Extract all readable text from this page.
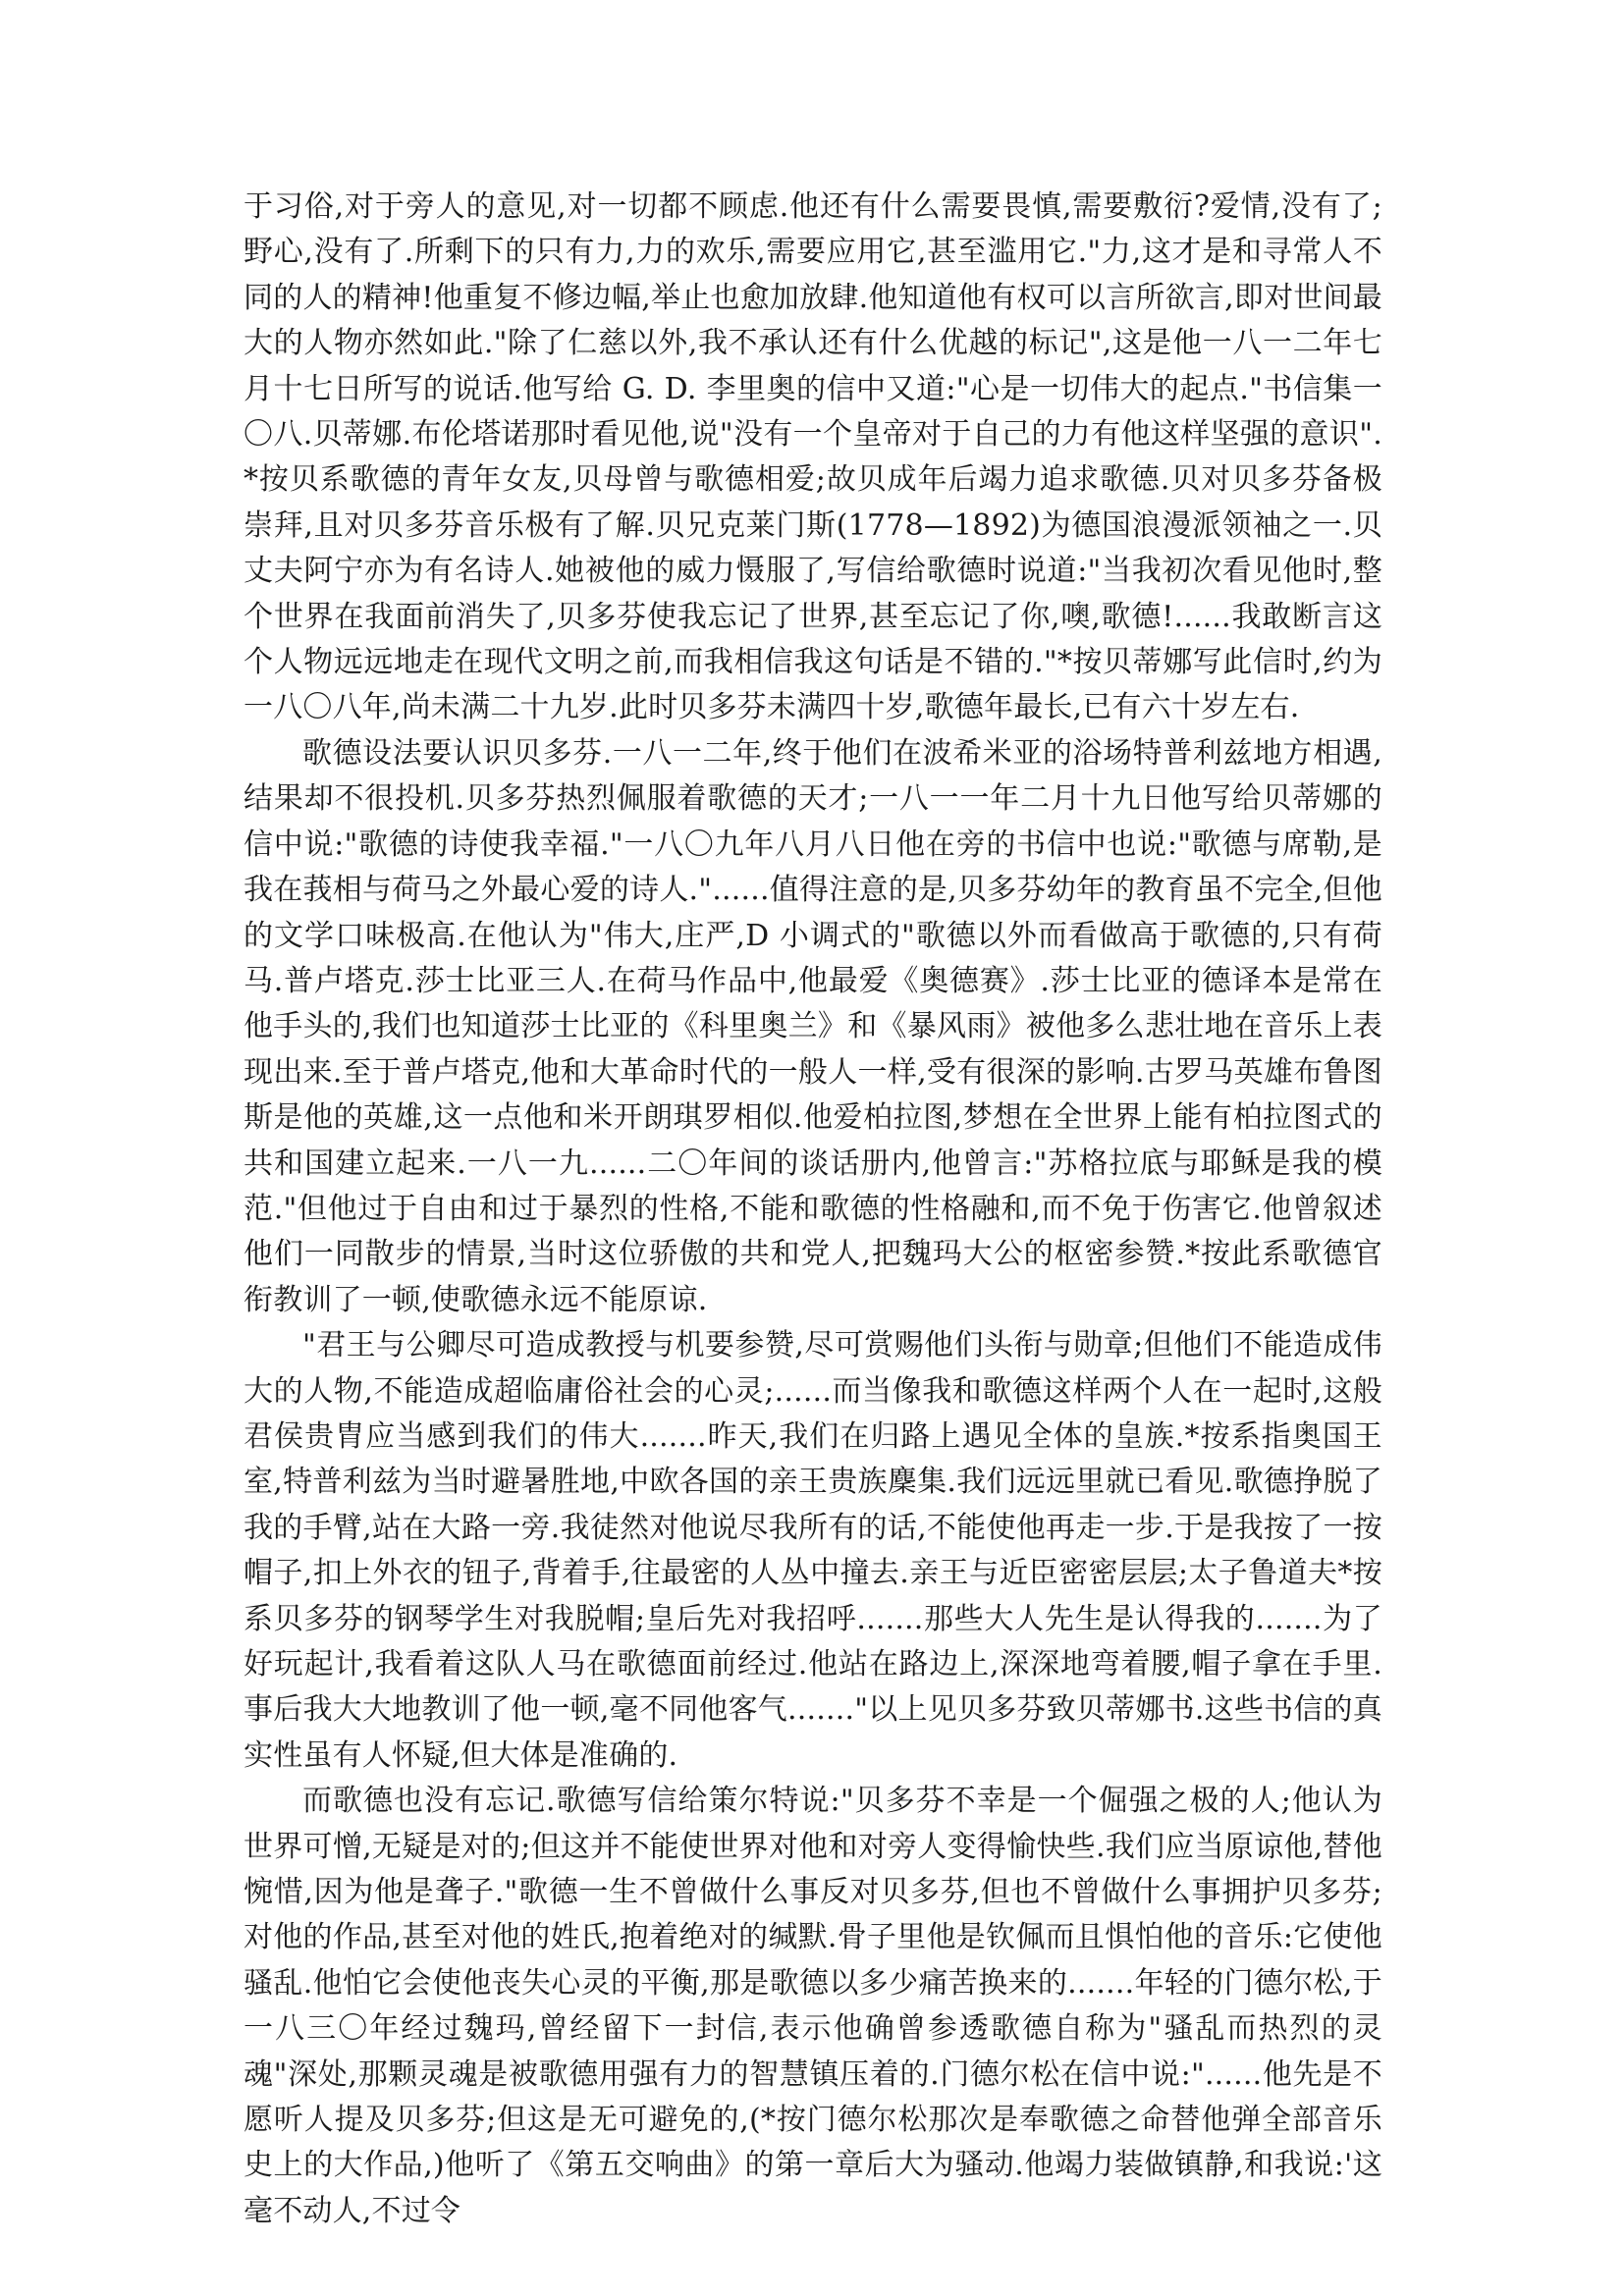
于习俗,对于旁人的意见,对一切都不顾虑.他还有什么需要畏慎,需要敷衍?爱情,没有了;野心,没有了.所剩下的只有力,力的欢乐,需要应用它,甚至滥用它."力,这才是和寻常人不同的人的精神!他重复不修边幅,举止也愈加放肆.他知道他有权可以言所欲言,即对世间最大的人物亦然如此."除了仁慈以外,我不承认还有什么优越的标记",这是他一八一二年七月十七日所写的说话.他写给 G. D. 李里奥的信中又道:"心是一切伟大的起点."书信集一〇八.贝蒂娜.布伦塔诺那时看见他,说"没有一个皇帝对于自己的力有他这样坚强的意识".*按贝系歌德的青年女友,贝母曾与歌德相爱;故贝成年后竭力追求歌德.贝对贝多芬备极崇拜,且对贝多芬音乐极有了解.贝兄克莱门斯(1778—1892)为德国浪漫派领袖之一.贝丈夫阿宁亦为有名诗人.她被他的威力慑服了,写信给歌德时说道:"当我初次看见他时,整个世界在我面前消失了,贝多芬使我忘记了世界,甚至忘记了你,噢,歌德!......我敢断言这个人物远远地走在现代文明之前,而我相信我这句话是不错的."*按贝蒂娜写此信时,约为一八〇八年,尚未满二十九岁.此时贝多芬未满四十岁,歌德年最长,已有六十岁左右.

歌德设法要认识贝多芬.一八一二年,终于他们在波希米亚的浴场特普利兹地方相遇,结果却不很投机.贝多芬热烈佩服着歌德的天才;一八一一年二月十九日他写给贝蒂娜的信中说:"歌德的诗使我幸福."一八〇九年八月八日他在旁的书信中也说:"歌德与席勒,是我在莪相与荷马之外最心爱的诗人."......值得注意的是,贝多芬幼年的教育虽不完全,但他的文学口味极高.在他认为"伟大,庄严,D 小调式的"歌德以外而看做高于歌德的,只有荷马.普卢塔克.莎士比亚三人.在荷马作品中,他最爱《奥德赛》.莎士比亚的德译本是常在他手头的,我们也知道莎士比亚的《科里奥兰》和《暴风雨》被他多么悲壮地在音乐上表现出来.至于普卢塔克,他和大革命时代的一般人一样,受有很深的影响.古罗马英雄布鲁图斯是他的英雄,这一点他和米开朗琪罗相似.他爱柏拉图,梦想在全世界上能有柏拉图式的共和国建立起来.一八一九......二〇年间的谈话册内,他曾言:"苏格拉底与耶稣是我的模范."但他过于自由和过于暴烈的性格,不能和歌德的性格融和,而不免于伤害它.他曾叙述他们一同散步的情景,当时这位骄傲的共和党人,把魏玛大公的枢密参赞.*按此系歌德官衔教训了一顿,使歌德永远不能原谅.

"君王与公卿尽可造成教授与机要参赞,尽可赏赐他们头衔与勋章;但他们不能造成伟大的人物,不能造成超临庸俗社会的心灵;......而当像我和歌德这样两个人在一起时,这般君侯贵胄应当感到我们的伟大.......昨天,我们在归路上遇见全体的皇族.*按系指奥国王室,特普利兹为当时避暑胜地,中欧各国的亲王贵族麇集.我们远远里就已看见.歌德挣脱了我的手臂,站在大路一旁.我徒然对他说尽我所有的话,不能使他再走一步.于是我按了一按帽子,扣上外衣的钮子,背着手,往最密的人丛中撞去.亲王与近臣密密层层;太子鲁道夫*按系贝多芬的钢琴学生对我脱帽;皇后先对我招呼.......那些大人先生是认得我的.......为了好玩起计,我看着这队人马在歌德面前经过.他站在路边上,深深地弯着腰,帽子拿在手里.事后我大大地教训了他一顿,毫不同他客气......."以上见贝多芬致贝蒂娜书.这些书信的真实性虽有人怀疑,但大体是准确的.

而歌德也没有忘记.歌德写信给策尔特说:"贝多芬不幸是一个倔强之极的人;他认为世界可憎,无疑是对的;但这并不能使世界对他和对旁人变得愉快些.我们应当原谅他,替他惋惜,因为他是聋子."歌德一生不曾做什么事反对贝多芬,但也不曾做什么事拥护贝多芬;对他的作品,甚至对他的姓氏,抱着绝对的缄默.骨子里他是钦佩而且惧怕他的音乐:它使他骚乱.他怕它会使他丧失心灵的平衡,那是歌德以多少痛苦换来的.......年轻的门德尔松,于一八三〇年经过魏玛,曾经留下一封信,表示他确曾参透歌德自称为"骚乱而热烈的灵魂"深处,那颗灵魂是被歌德用强有力的智慧镇压着的.门德尔松在信中说:"......他先是不愿听人提及贝多芬;但这是无可避免的,(*按门德尔松那次是奉歌德之命替他弹全部音乐史上的大作品,)他听了《第五交响曲》的第一章后大为骚动.他竭力装做镇静,和我说:'这毫不动人,不过令
